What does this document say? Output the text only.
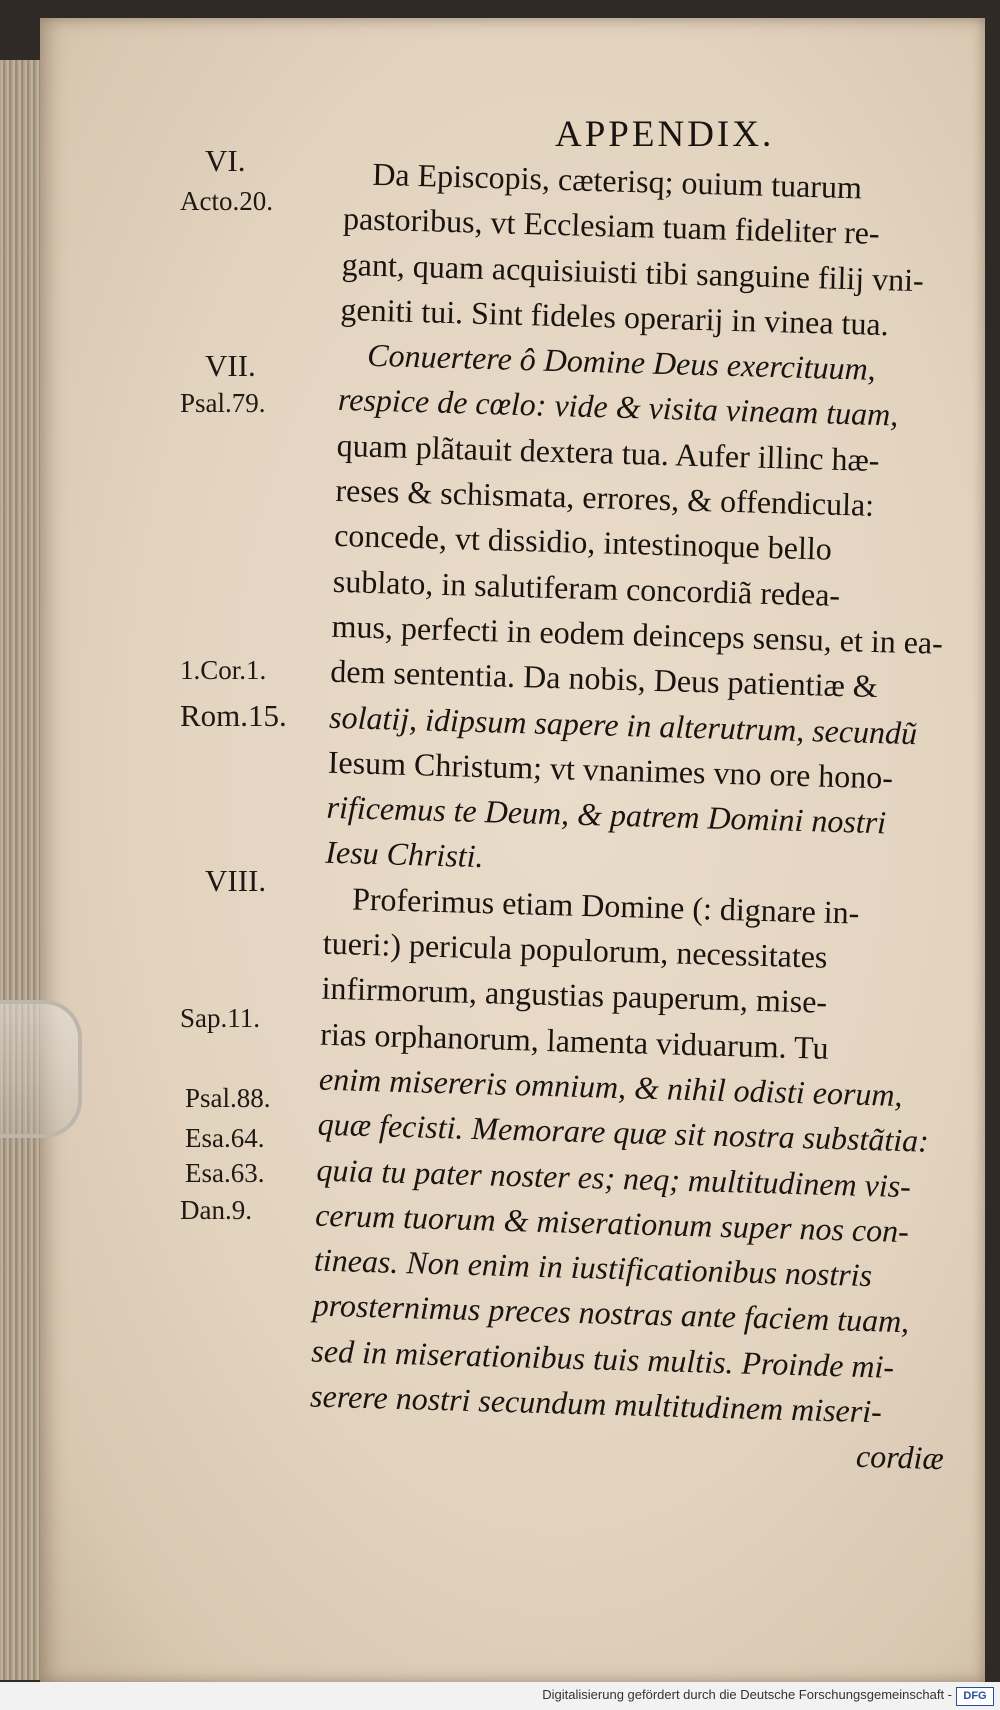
APPENDIX.
VI.
Acto.20.
VII.
Psal.79.
1.Cor.1.
Rom.15.
VIII.
Sap.11.
Psal.88.
Esa.64.
Esa.63.
Dan.9.
Da Episcopis, cæterisq; ouium tuarum
pastoribus, vt Ecclesiam tuam fideliter re-
gant, quam acquisiuisti tibi sanguine filij vni-
geniti tui. Sint fideles operarij in vinea tua.
Conuertere ô Domine Deus exercituum,
respice de cœlo: vide & visita vineam tuam,
quam plãtauit dextera tua. Aufer illinc hæ-
reses & schismata, errores, & offendicula:
concede, vt dissidio, intestinoque bello
sublato, in salutiferam concordiã redea-
mus, perfecti in eodem deinceps sensu, et in ea-
dem sententia. Da nobis, Deus patientiæ &
solatij, idipsum sapere in alterutrum, secundũ
Iesum Christum; vt vnanimes vno ore hono-
rificemus te Deum, & patrem Domini nostri
Iesu Christi.
Proferimus etiam Domine (: dignare in-
tueri:) pericula populorum, necessitates
infirmorum, angustias pauperum, mise-
rias orphanorum, lamenta viduarum. Tu
enim misereris omnium, & nihil odisti eorum,
quæ fecisti. Memorare quæ sit nostra substãtia:
quia tu pater noster es; neq; multitudinem vis-
cerum tuorum & miserationum super nos con-
tineas. Non enim in iustificationibus nostris
prosternimus preces nostras ante faciem tuam,
sed in miserationibus tuis multis. Proinde mi-
serere nostri secundum multitudinem miseri-
cordiæ
Digitalisierung gefördert durch die Deutsche Forschungsgemeinschaft -	DFG
